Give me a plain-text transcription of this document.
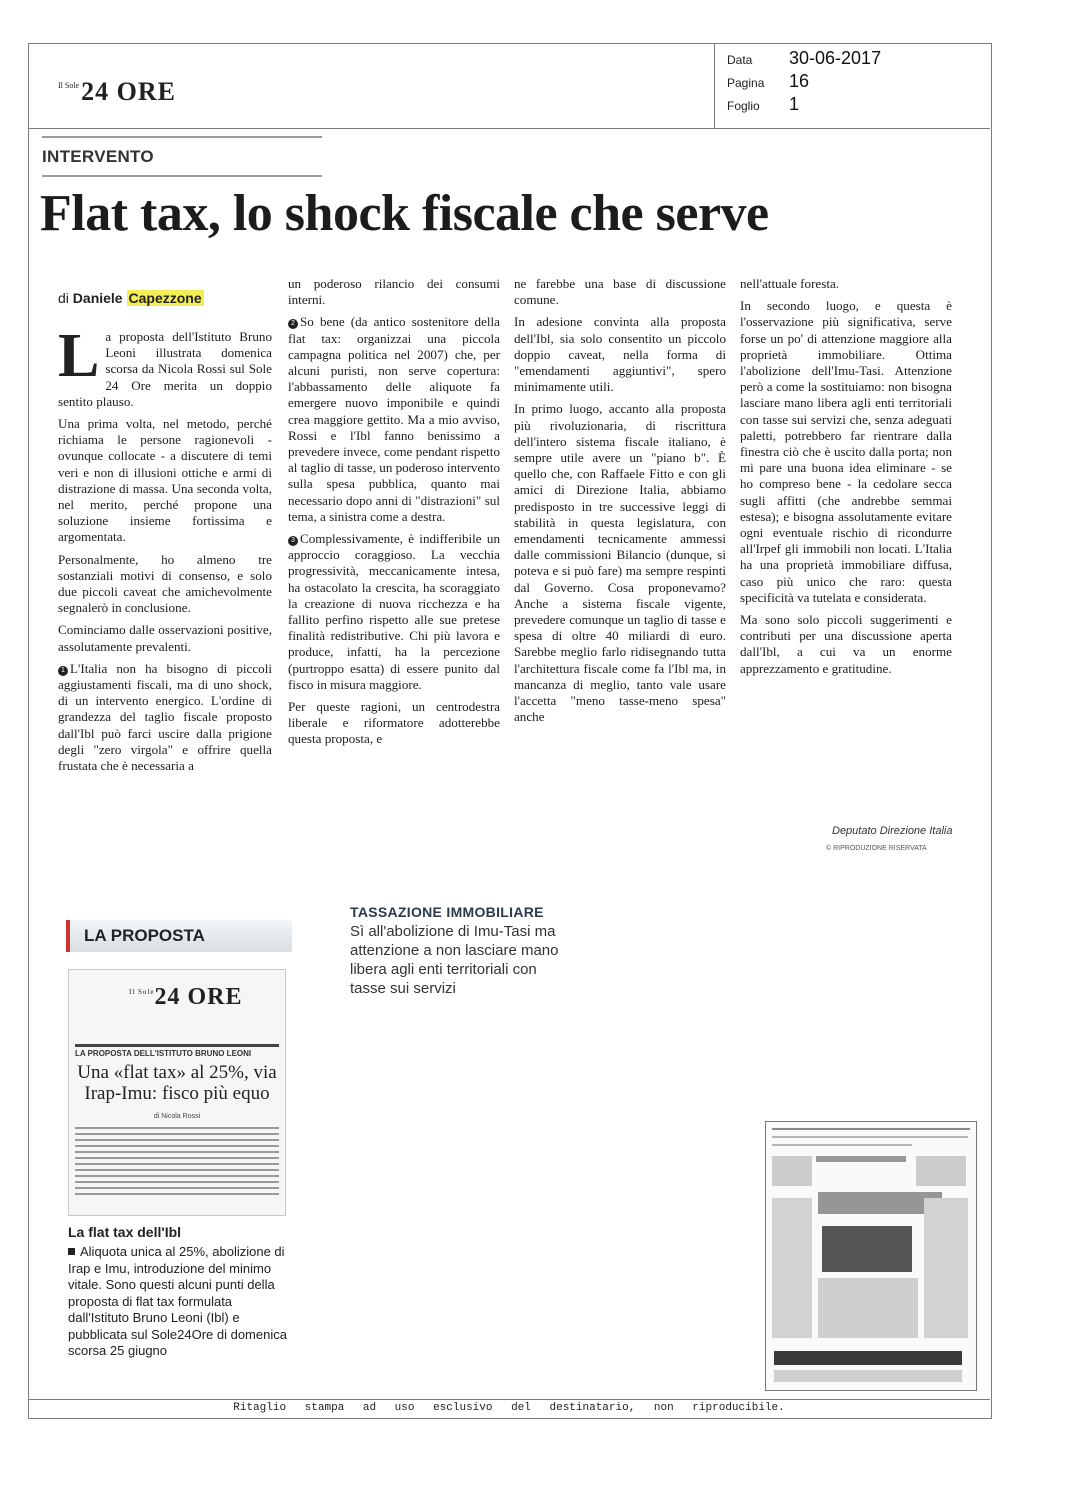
$^{Il Sole}$24 ORE
Data	30-06-2017
Pagina	16
Foglio	1
INTERVENTO
Flat tax, lo shock fiscale che serve
di Daniele Capezzone

La proposta dell'Istituto Bruno Leoni illustrata domenica scorsa da Nicola Rossi sul Sole 24 Ore merita un doppio sentito plauso.

Una prima volta, nel metodo, perché richiama le persone ragionevoli - ovunque collocate - a discutere di temi veri e non di illusioni ottiche e armi di distrazione di massa. Una seconda volta, nel merito, perché propone una soluzione insieme fortissima e argomentata.

Personalmente, ho almeno tre sostanziali motivi di consenso, e solo due piccoli caveat che amichevolmente segnalerò in conclusione.

Cominciamo dalle osservazioni positive, assolutamente prevalenti.

1 L'Italia non ha bisogno di piccoli aggiustamenti fiscali, ma di uno shock, di un intervento energico. L'ordine di grandezza del taglio fiscale proposto dall'Ibl può farci uscire dalla prigione degli "zero virgola" e offrire quella frustata che è necessaria a

un poderoso rilancio dei consumi interni.

2 So bene (da antico sostenitore della flat tax: organizzai una piccola campagna politica nel 2007) che, per alcuni puristi, non serve copertura: l'abbassamento delle aliquote fa emergere nuovo imponibile e quindi crea maggiore gettito. Ma a mio avviso, Rossi e l'Ibl fanno benissimo a prevedere invece, come pendant rispetto al taglio di tasse, un poderoso intervento sulla spesa pubblica, quanto mai necessario dopo anni di "distrazioni" sul tema, a sinistra come a destra.

3 Complessivamente, è indifferibile un approccio coraggioso. La vecchia progressività, meccanicamente intesa, ha ostacolato la crescita, ha scoraggiato la creazione di nuova ricchezza e ha fallito perfino rispetto alle sue pretese finalità redistributive. Chi più lavora e produce, infatti, ha la percezione (purtroppo esatta) di essere punito dal fisco in misura maggiore.

Per queste ragioni, un centrodestra liberale e riformatore adotterebbe questa proposta, e

ne farebbe una base di discussione comune.

In adesione convinta alla proposta dell'Ibl, sia solo consentito un piccolo doppio caveat, nella forma di "emendamenti aggiuntivi", spero minimamente utili.

In primo luogo, accanto alla proposta più rivoluzionaria, di riscrittura dell'intero sistema fiscale italiano, è sempre utile avere un "piano b". È quello che, con Raffaele Fitto e con gli amici di Direzione Italia, abbiamo predisposto in tre successive leggi di stabilità in questa legislatura, con emendamenti tecnicamente ammessi dalle commissioni Bilancio (dunque, si poteva e si può fare) ma sempre respinti dal Governo. Cosa proponevamo? Anche a sistema fiscale vigente, prevedere comunque un taglio di tasse e spesa di oltre 40 miliardi di euro. Sarebbe meglio farlo ridisegnando tutta l'architettura fiscale come fa l'Ibl ma, in mancanza di meglio, tanto vale usare l'accetta "meno tasse-meno spesa" anche

nell'attuale foresta.

In secondo luogo, e questa è l'osservazione più significativa, serve forse un po' di attenzione maggiore alla proprietà immobiliare. Ottima l'abolizione dell'Imu-Tasi. Attenzione però a come la sostituiamo: non bisogna lasciare mano libera agli enti territoriali con tasse sui servizi che, senza adeguati paletti, potrebbero far rientrare dalla finestra ciò che è uscito dalla porta; non mi pare una buona idea eliminare - se ho compreso bene - la cedolare secca sugli affitti (che andrebbe semmai estesa); e bisogna assolutamente evitare ogni eventuale rischio di ricondurre all'Irpef gli immobili non locati. L'Italia ha una proprietà immobiliare diffusa, caso più unico che raro: questa specificità va tutelata e considerata.

Ma sono solo piccoli suggerimenti e contributi per una discussione aperta dall'Ibl, a cui va un enorme apprezzamento e gratitudine.

Deputato Direzione Italia
© RIPRODUZIONE RISERVATA
LA PROPOSTA
$^{Il Sole}$24 ORE
LA PROPOSTA DELL'ISTITUTO BRUNO LEONI
Una «flat tax» al 25%, via Irap-Imu: fisco più equo
di Nicola Rossi
La flat tax dell'Ibl
Aliquota unica al 25%, abolizione di Irap e Imu, introduzione del minimo vitale. Sono questi alcuni punti della proposta di flat tax formulata dall'Istituto Bruno Leoni (Ibl) e pubblicata sul Sole24Ore di domenica scorsa 25 giugno
TASSAZIONE IMMOBILIARE
Sì all'abolizione di Imu-Tasi ma attenzione a non lasciare mano libera agli enti territoriali con tasse sui servizi
Ritaglio stampa ad uso esclusivo del destinatario, non riproducibile.
